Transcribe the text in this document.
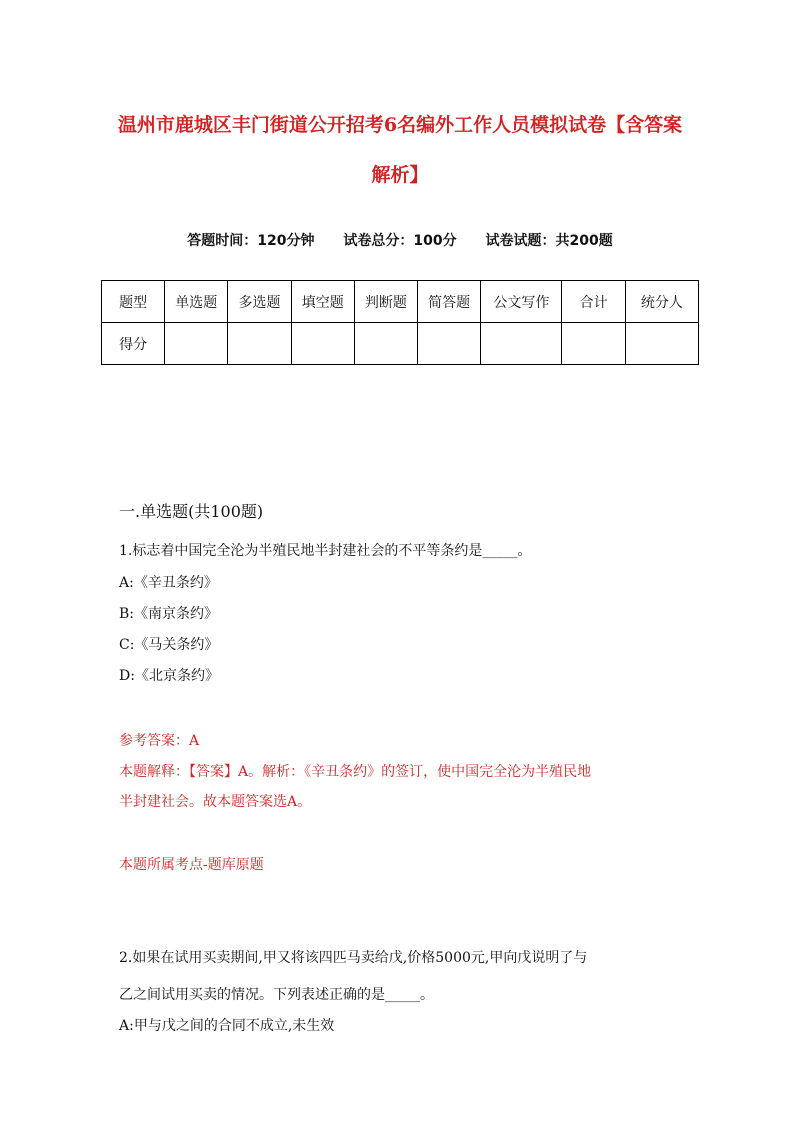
温州市鹿城区丰门街道公开招考6名编外工作人员模拟试卷【含答案解析】
答题时间：120分钟 试卷总分：100分 试卷试题：共200题
题型	单选题	多选题	填空题	判断题	简答题	公文写作	合计	统分人
得分								
一.单选题(共100题)
1.标志着中国完全沦为半殖民地半封建社会的不平等条约是_____。
A:《辛丑条约》
B:《南京条约》
C:《马关条约》
D:《北京条约》
参考答案：A
本题解释：【答案】A。解析：《辛丑条约》的签订，使中国完全沦为半殖民地
半封建社会。故本题答案选A。
本题所属考点-题库原题
2.如果在试用买卖期间,甲又将该四匹马卖给戊,价格5000元,甲向戊说明了与
乙之间试用买卖的情况。下列表述正确的是_____。
A:甲与戊之间的合同不成立,未生效
